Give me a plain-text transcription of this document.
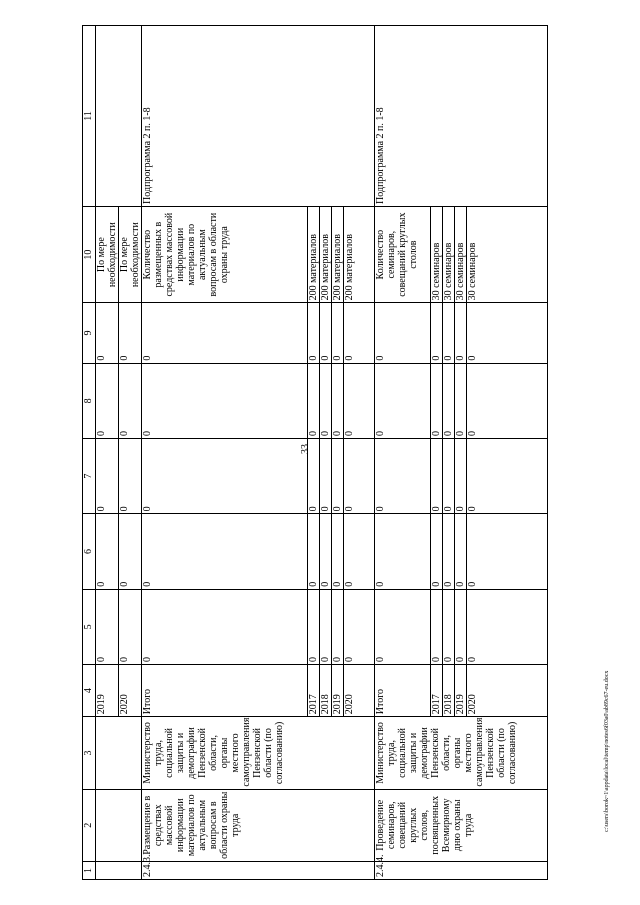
33
c:\users\borok~1\appdata\local\temp\notes6f03a0\ab89c67-eu.docx
1	2	3	4	5	6	7	8	9	10	11
			2019	0	0	0	0	0	По мере необходимости	
			2020	0	0	0	0	0	По мере необходимости	
2.4.3.	Размещение в средствах массовой информации материалов по актуальным вопросам в области охраны труда	Министерство труда, социальной защиты и демографии Пензенской области, органы местного самоуправления Пензенской области (по согласованию)	Итого	0	0	0	0	0	Количество размещенных в средствах массовой информации материалов по актуальным вопросам в области охраны труда	Подпрограмма 2 п. 1-8
			2017	0	0	0	0	0	200 материалов	
			2018	0	0	0	0	0	200 материалов	
			2019	0	0	0	0	0	200 материалов	
			2020	0	0	0	0	0	200 материалов	
2.4.4.	Проведение семинаров, совещаний круглых столов, посвященных Всемирному дню охраны труда	Министерство труда, социальной защиты и демографии Пензенской области, органы местного самоуправления Пензенской области (по согласованию)	Итого	0	0	0	0	0	Количество семинаров, совещаний круглых столов	Подпрограмма 2 п. 1-8
			2017	0	0	0	0	0	30 семинаров	
			2018	0	0	0	0	0	30 семинаров	
			2019	0	0	0	0	0	30 семинаров	
			2020	0	0	0	0	0	30 семинаров	
